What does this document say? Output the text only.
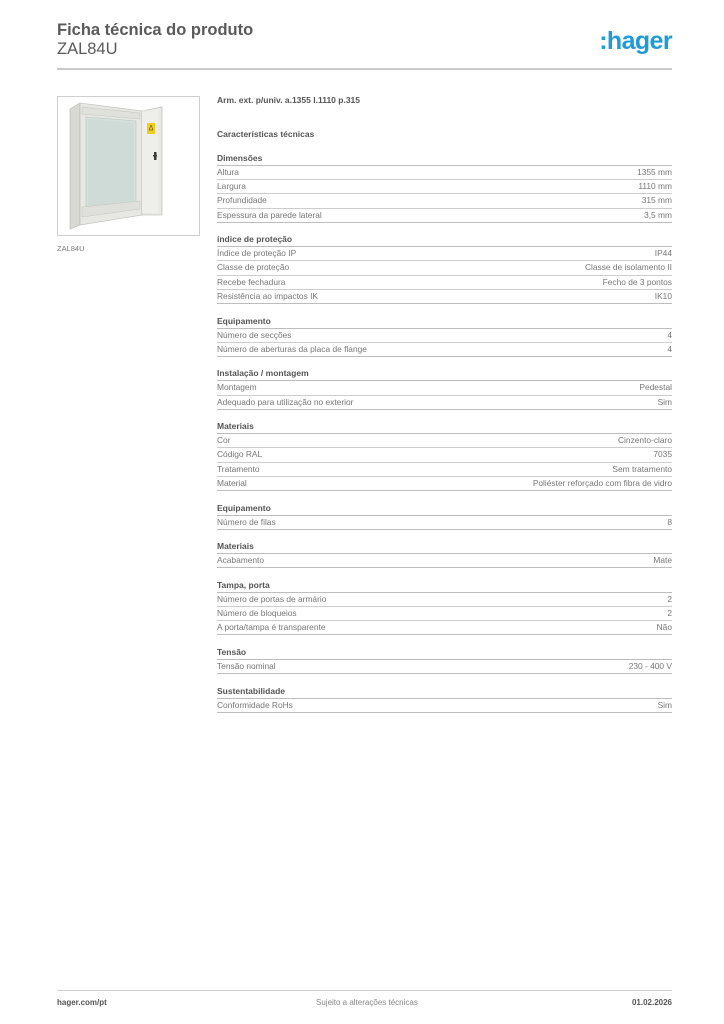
Ficha técnica do produto
ZAL84U	:hager
ZAL84U
Arm. ext. p/univ. a.1355 l.1110 p.315
Características técnicas
Dimensões
Altura	1355 mm
Largura	1110 mm
Profundidade	315 mm
Espessura da parede lateral	3,5 mm
índice de proteção
Índice de proteção IP	IP44
Classe de proteção	Classe de isolamento II
Recebe fechadura	Fecho de 3 pontos
Resistência ao impactos IK	IK10
Equipamento
Número de secções	4
Número de aberturas da placa de flange	4
Instalação / montagem
Montagem	Pedestal
Adequado para utilização no exterior	Sim
Materiais
Cor	Cinzento-claro
Código RAL	7035
Tratamento	Sem tratamento
Material	Poliéster reforçado com fibra de vidro
Equipamento
Número de filas	8
Materiais
Acabamento	Mate
Tampa, porta
Número de portas de armário	2
Número de bloqueios	2
A porta/tampa é transparente	Não
Tensão
Tensão nominal	230 - 400 V
Sustentabilidade
Conformidade RoHs	Sim
hager.com/pt	Sujeito a alterações técnicas	01.02.2026
